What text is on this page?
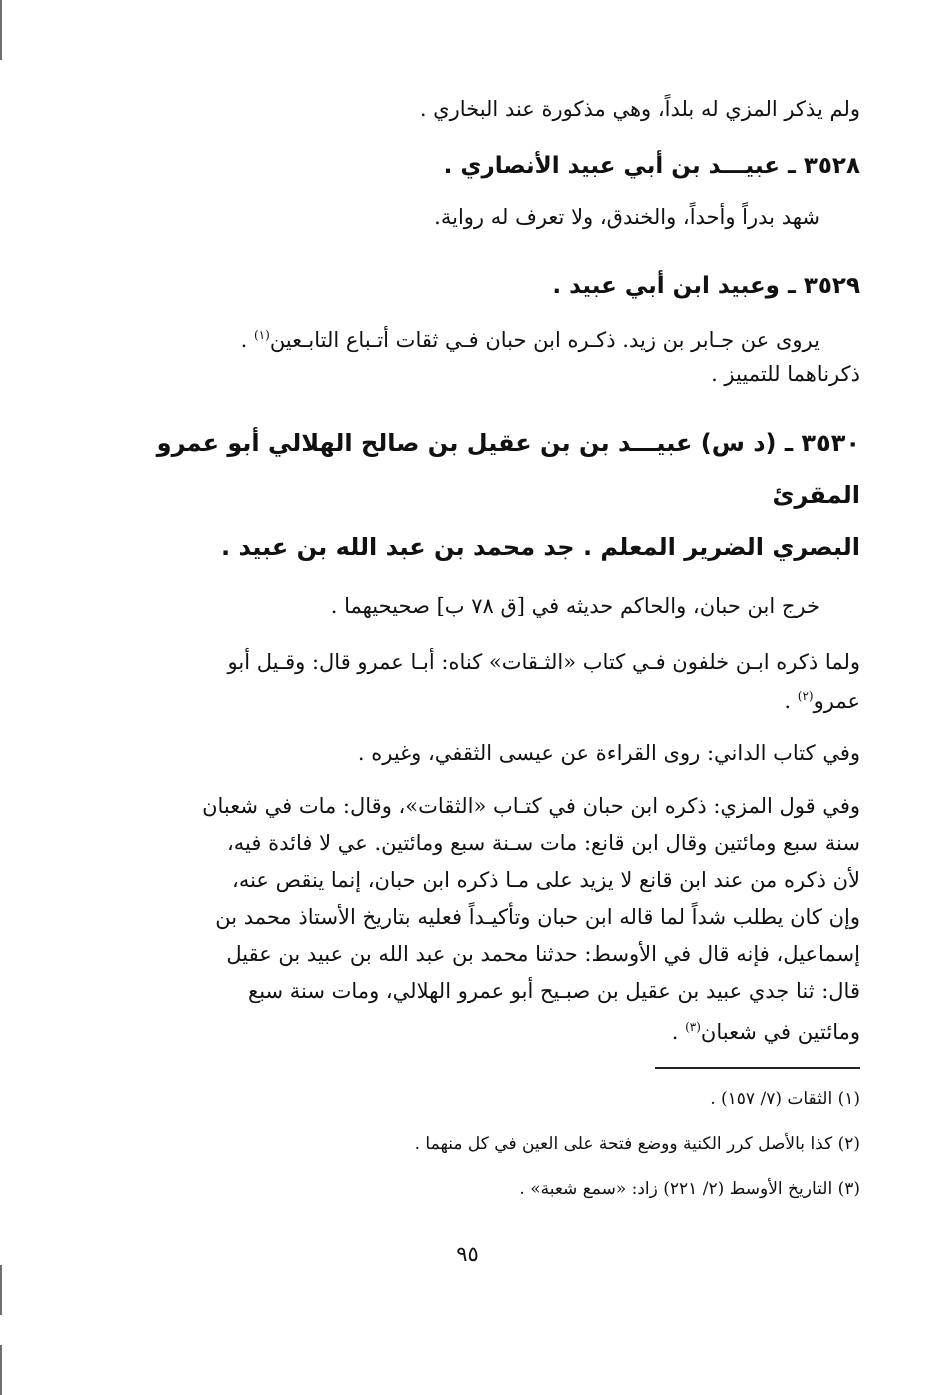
ولم يذكر المزي له بلداً، وهي مذكورة عند البخاري .

٣٥٢٨ ـ عبيـــد بن أبي عبيد الأنصاري .

شهد بدراً وأحداً، والخندق، ولا تعرف له رواية.

٣٥٢٩ ـ وعبيد ابن أبي عبيد .

يروى عن جـابر بن زيد. ذكـره ابن حبان فـي ثقات أتـباع التابـعين$^{(١)}$ .

ذكرناهما للتمييز .

٣٥٣٠ ـ (د س) عبيـــد بن بن عقيل بن صالح الهلالي أبو عمرو المقرئ

البصري الضرير المعلم . جد محمد بن عبد الله بن عبيد .

خرج ابن حبان، والحاكم حديثه في [ق ٧٨ ب] صحيحيهما .

ولما ذكره ابـن خلفون فـي كتاب «الثـقات» كناه: أبـا عمرو قال: وقـيل أبو

عمرو$^{(٢)}$ .

وفي كتاب الداني: روى القراءة عن عيسى الثقفي، وغيره .

وفي قول المزي: ذكره ابن حبان في كتـاب «الثقات»، وقال: مات في شعبان

سنة سبع ومائتين وقال ابن قانع: مات سـنة سبع ومائتين. عي لا فائدة فيه،

لأن ذكره من عند ابن قانع لا يزيد على مـا ذكره ابن حبان، إنما ينقص عنه،

وإن كان يطلب شداً لما قاله ابن حبان وتأكيـداً فعليه بتاريخ الأستاذ محمد بن

إسماعيل، فإنه قال في الأوسط: حدثنا محمد بن عبد الله بن عبيد بن عقيل

قال: ثنا جدي عبيد بن عقيل بن صبـيح أبو عمرو الهلالي، ومات سنة سبع

ومائتين في شعبان$^{(٣)}$ .

(١) الثقات (٧/ ١٥٧) .

(٢) كذا بالأصل كرر الكنية ووضع فتحة على العين في كل منهما .

(٣) التاريخ الأوسط (٢/ ٢٢١) زاد: «سمع شعبة» .

٩٥
